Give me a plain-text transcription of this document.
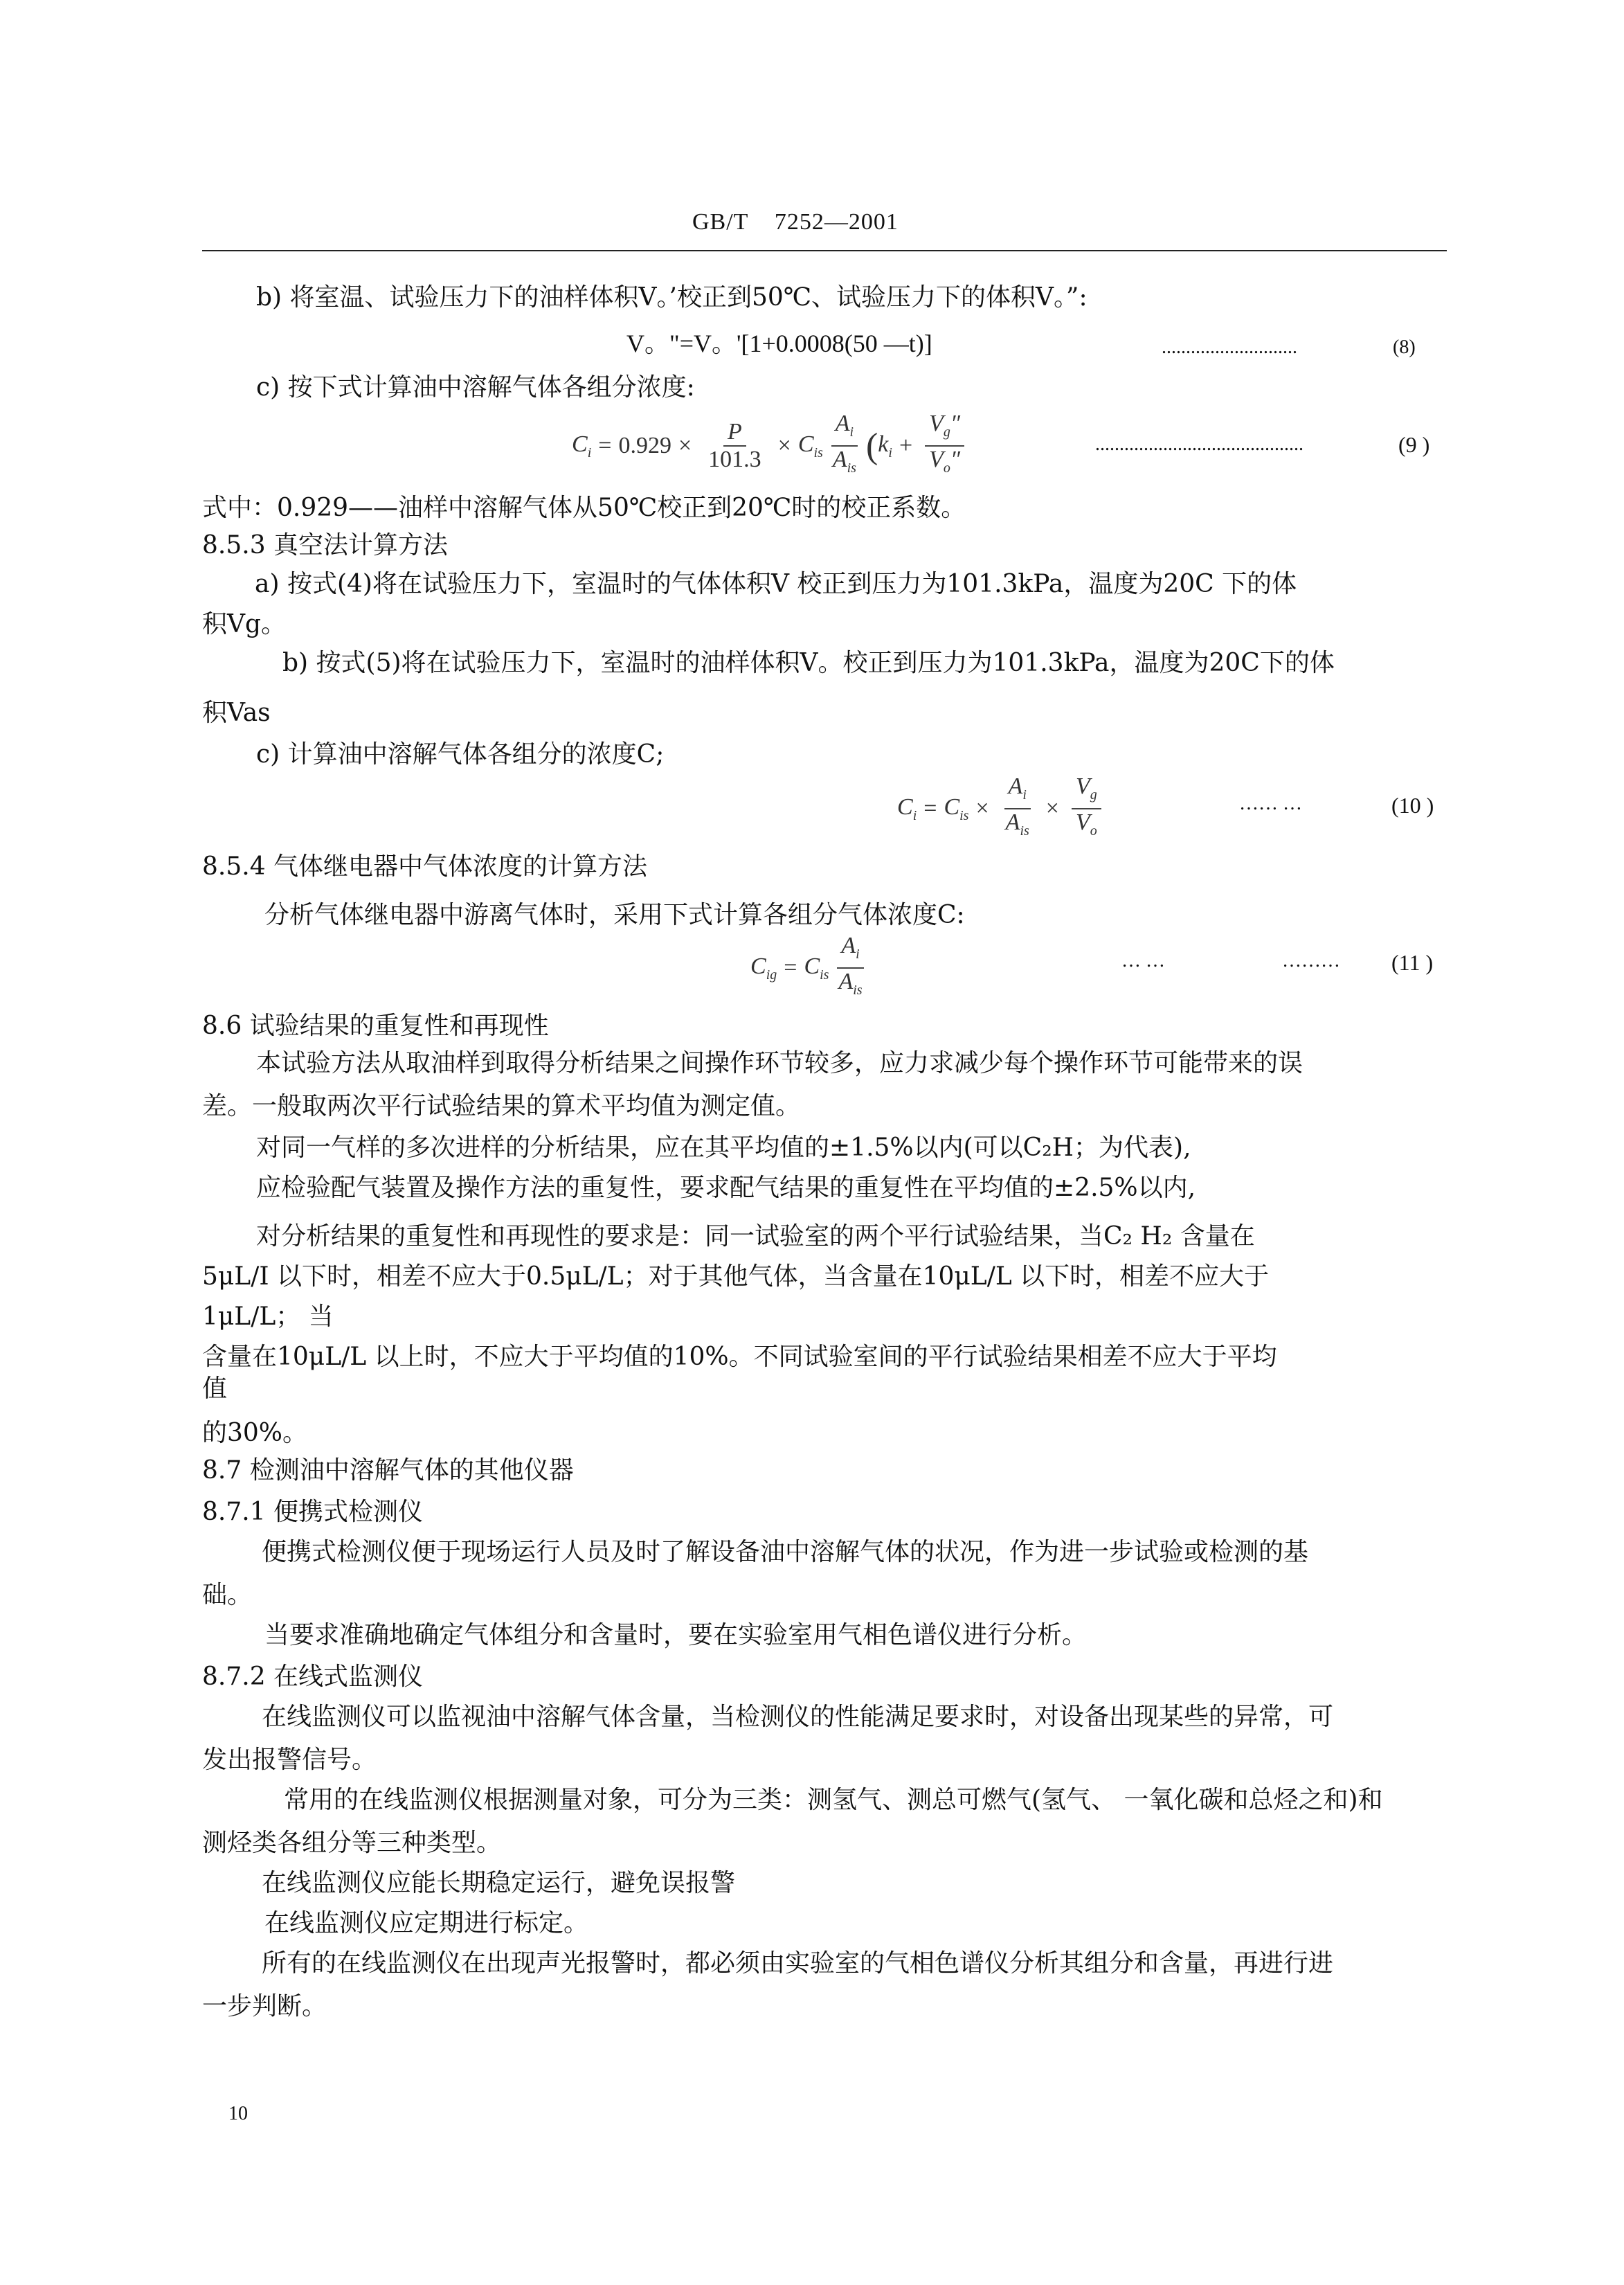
GB/T    7252—2001
b) 将室温、试验压力下的油样体积V。’校正到50℃、试验压力下的体积V。”:
V。"=V。'[1+0.0008(50 —t)]	............................	(8)
c) 按下式计算油中溶解气体各组分浓度:
$C_i = 0.929 \times \frac{P}{101.3} \times C_{is} \frac{A_i}{A_{is}}$ ( $k_i + \frac{V_g''}{V_o''}$	...........................................	(9 )
式中：0.929——油样中溶解气体从50℃校正到20℃时的校正系数。
8.5.3 真空法计算方法
a) 按式(4)将在试验压力下，室温时的气体体积V 校正到压力为101.3kPa，温度为20C 下的体
积Vg。
b) 按式(5)将在试验压力下，室温时的油样体积V。校正到压力为101.3kPa，温度为20C下的体
积Vas
c) 计算油中溶解气体各组分的浓度C;
$C_i = C_{is} \times \frac{A_i}{A_{is}} \times \frac{V_g}{V_o}$	…… …	(10 )
8.5.4 气体继电器中气体浓度的计算方法
分析气体继电器中游离气体时，采用下式计算各组分气体浓度C:
$C_{ig} = C_{is} \frac{A_i}{A_{is}}$	… …	……… (11 )
8.6 试验结果的重复性和再现性
本试验方法从取油样到取得分析结果之间操作环节较多，应力求减少每个操作环节可能带来的误
差。一般取两次平行试验结果的算术平均值为测定值。
对同一气样的多次进样的分析结果，应在其平均值的±1.5%以内(可以C₂H；为代表),
应检验配气装置及操作方法的重复性，要求配气结果的重复性在平均值的±2.5%以内,
对分析结果的重复性和再现性的要求是：同一试验室的两个平行试验结果，当C₂ H₂ 含量在
5μL/I 以下时，相差不应大于0.5μL/L；对于其他气体，当含量在10μL/L 以下时，相差不应大于
1μL/L； 当
含量在10μL/L 以上时，不应大于平均值的10%。不同试验室间的平行试验结果相差不应大于平均
值
的30%。
8.7 检测油中溶解气体的其他仪器
8.7.1 便携式检测仪
便携式检测仪便于现场运行人员及时了解设备油中溶解气体的状况，作为进一步试验或检测的基
础。
当要求准确地确定气体组分和含量时，要在实验室用气相色谱仪进行分析。
8.7.2 在线式监测仪
在线监测仪可以监视油中溶解气体含量，当检测仪的性能满足要求时，对设备出现某些的异常，可
发出报警信号。
常用的在线监测仪根据测量对象，可分为三类：测氢气、测总可燃气(氢气、 一氧化碳和总烃之和)和
测烃类各组分等三种类型。
在线监测仪应能长期稳定运行，避免误报警
在线监测仪应定期进行标定。
所有的在线监测仪在出现声光报警时，都必须由实验室的气相色谱仪分析其组分和含量，再进行进
一步判断。
10
